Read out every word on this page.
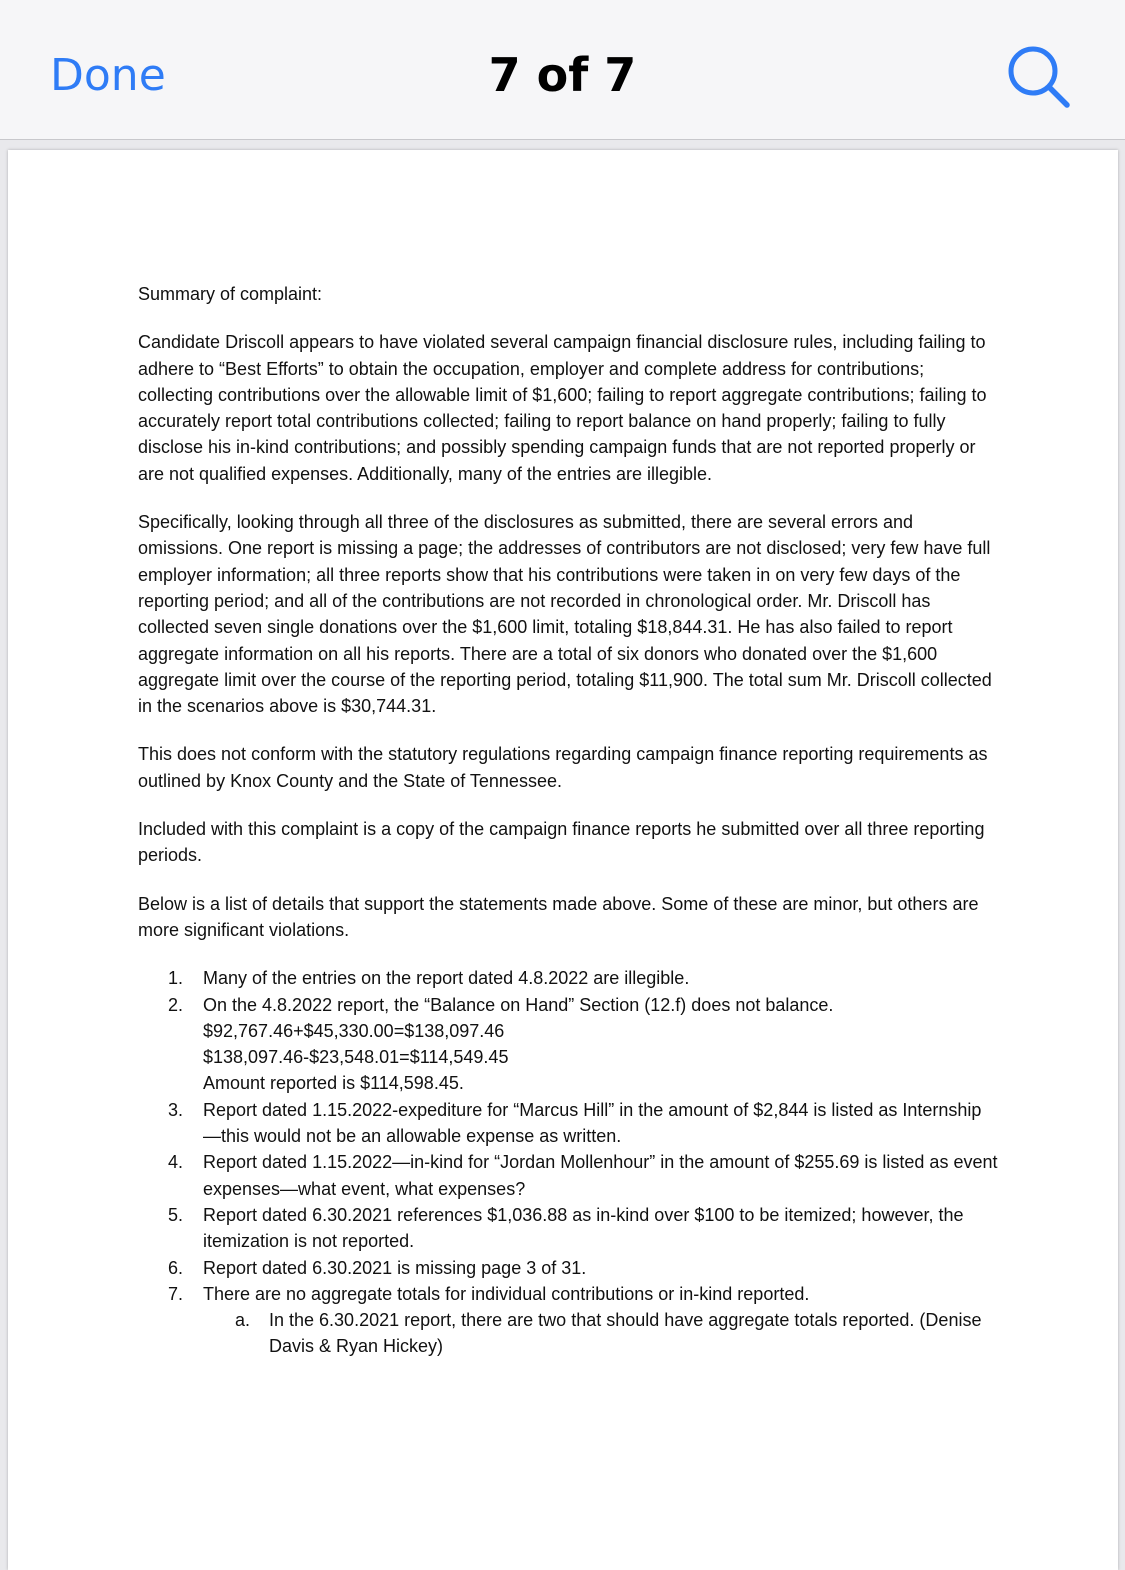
Done	7 of 7

Summary of complaint:

Candidate Driscoll appears to have violated several campaign financial disclosure rules, including failing to adhere to “Best Efforts” to obtain the occupation, employer and complete address for contributions; collecting contributions over the allowable limit of $1,600; failing to report aggregate contributions; failing to accurately report total contributions collected; failing to report balance on hand properly; failing to fully disclose his in-kind contributions; and possibly spending campaign funds that are not reported properly or are not qualified expenses. Additionally, many of the entries are illegible.

Specifically, looking through all three of the disclosures as submitted, there are several errors and omissions. One report is missing a page; the addresses of contributors are not disclosed; very few have full employer information; all three reports show that his contributions were taken in on very few days of the reporting period; and all of the contributions are not recorded in chronological order. Mr. Driscoll has collected seven single donations over the $1,600 limit, totaling $18,844.31. He has also failed to report aggregate information on all his reports. There are a total of six donors who donated over the $1,600 aggregate limit over the course of the reporting period, totaling $11,900. The total sum Mr. Driscoll collected in the scenarios above is $30,744.31.

This does not conform with the statutory regulations regarding campaign finance reporting requirements as outlined by Knox County and the State of Tennessee.

Included with this complaint is a copy of the campaign finance reports he submitted over all three reporting periods.

Below is a list of details that support the statements made above. Some of these are minor, but others are more significant violations.

1. Many of the entries on the report dated 4.8.2022 are illegible.
2. On the 4.8.2022 report, the “Balance on Hand” Section (12.f) does not balance.
$92,767.46+$45,330.00=$138,097.46
$138,097.46-$23,548.01=$114,549.45
Amount reported is $114,598.45.
3. Report dated 1.15.2022-expediture for “Marcus Hill” in the amount of $2,844 is listed as Internship—this would not be an allowable expense as written.
4. Report dated 1.15.2022—in-kind for “Jordan Mollenhour” in the amount of $255.69 is listed as event expenses—what event, what expenses?
5. Report dated 6.30.2021 references $1,036.88 as in-kind over $100 to be itemized; however, the itemization is not reported.
6. Report dated 6.30.2021 is missing page 3 of 31.
7. There are no aggregate totals for individual contributions or in-kind reported.
a. In the 6.30.2021 report, there are two that should have aggregate totals reported. (Denise Davis & Ryan Hickey)
